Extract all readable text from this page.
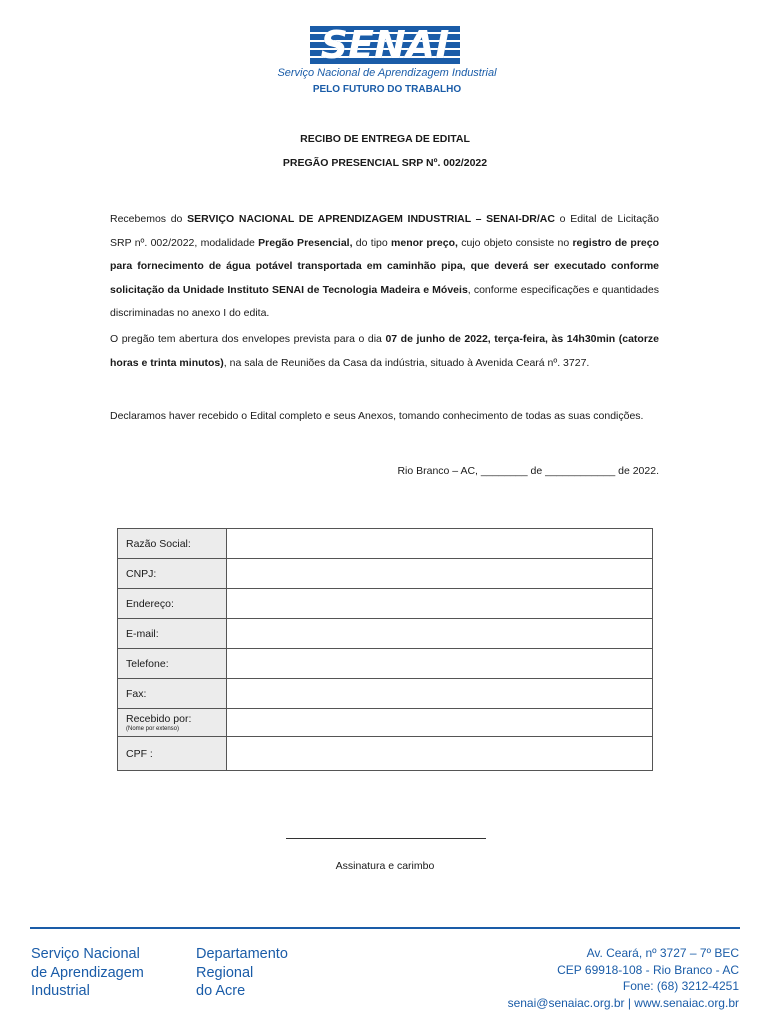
SENAI
Serviço Nacional de Aprendizagem Industrial
PELO FUTURO DO TRABALHO
RECIBO DE ENTREGA DE EDITAL
PREGÃO PRESENCIAL SRP Nº. 002/2022
Recebemos do SERVIÇO NACIONAL DE APRENDIZAGEM INDUSTRIAL – SENAI-DR/AC o Edital de Licitação SRP nº. 002/2022, modalidade Pregão Presencial, do tipo menor preço, cujo objeto consiste no registro de preço para fornecimento de água potável transportada em caminhão pipa, que deverá ser executado conforme solicitação da Unidade Instituto SENAI de Tecnologia Madeira e Móveis, conforme especificações e quantidades discriminadas no anexo I do edita.
O pregão tem abertura dos envelopes prevista para o dia 07 de junho de 2022, terça-feira, às 14h30min (catorze horas e trinta minutos), na sala de Reuniões da Casa da indústria, situado à Avenida Ceará nº. 3727.
Declaramos haver recebido o Edital completo e seus Anexos, tomando conhecimento de todas as suas condições.
Rio Branco – AC, ________ de ____________ de 2022.
Razão Social:	
CNPJ:	
Endereço:	
E-mail:	
Telefone:	
Fax:	
Recebido por:
(Nome por extenso)	

CPF :	
Assinatura e carimbo
Serviço Nacional
de Aprendizagem
Industrial
Departamento
Regional
do Acre
Av. Ceará, nº 3727 – 7º BEC
CEP 69918-108 - Rio Branco - AC
Fone: (68) 3212-4251
senai@senaiac.org.br | www.senaiac.org.br
